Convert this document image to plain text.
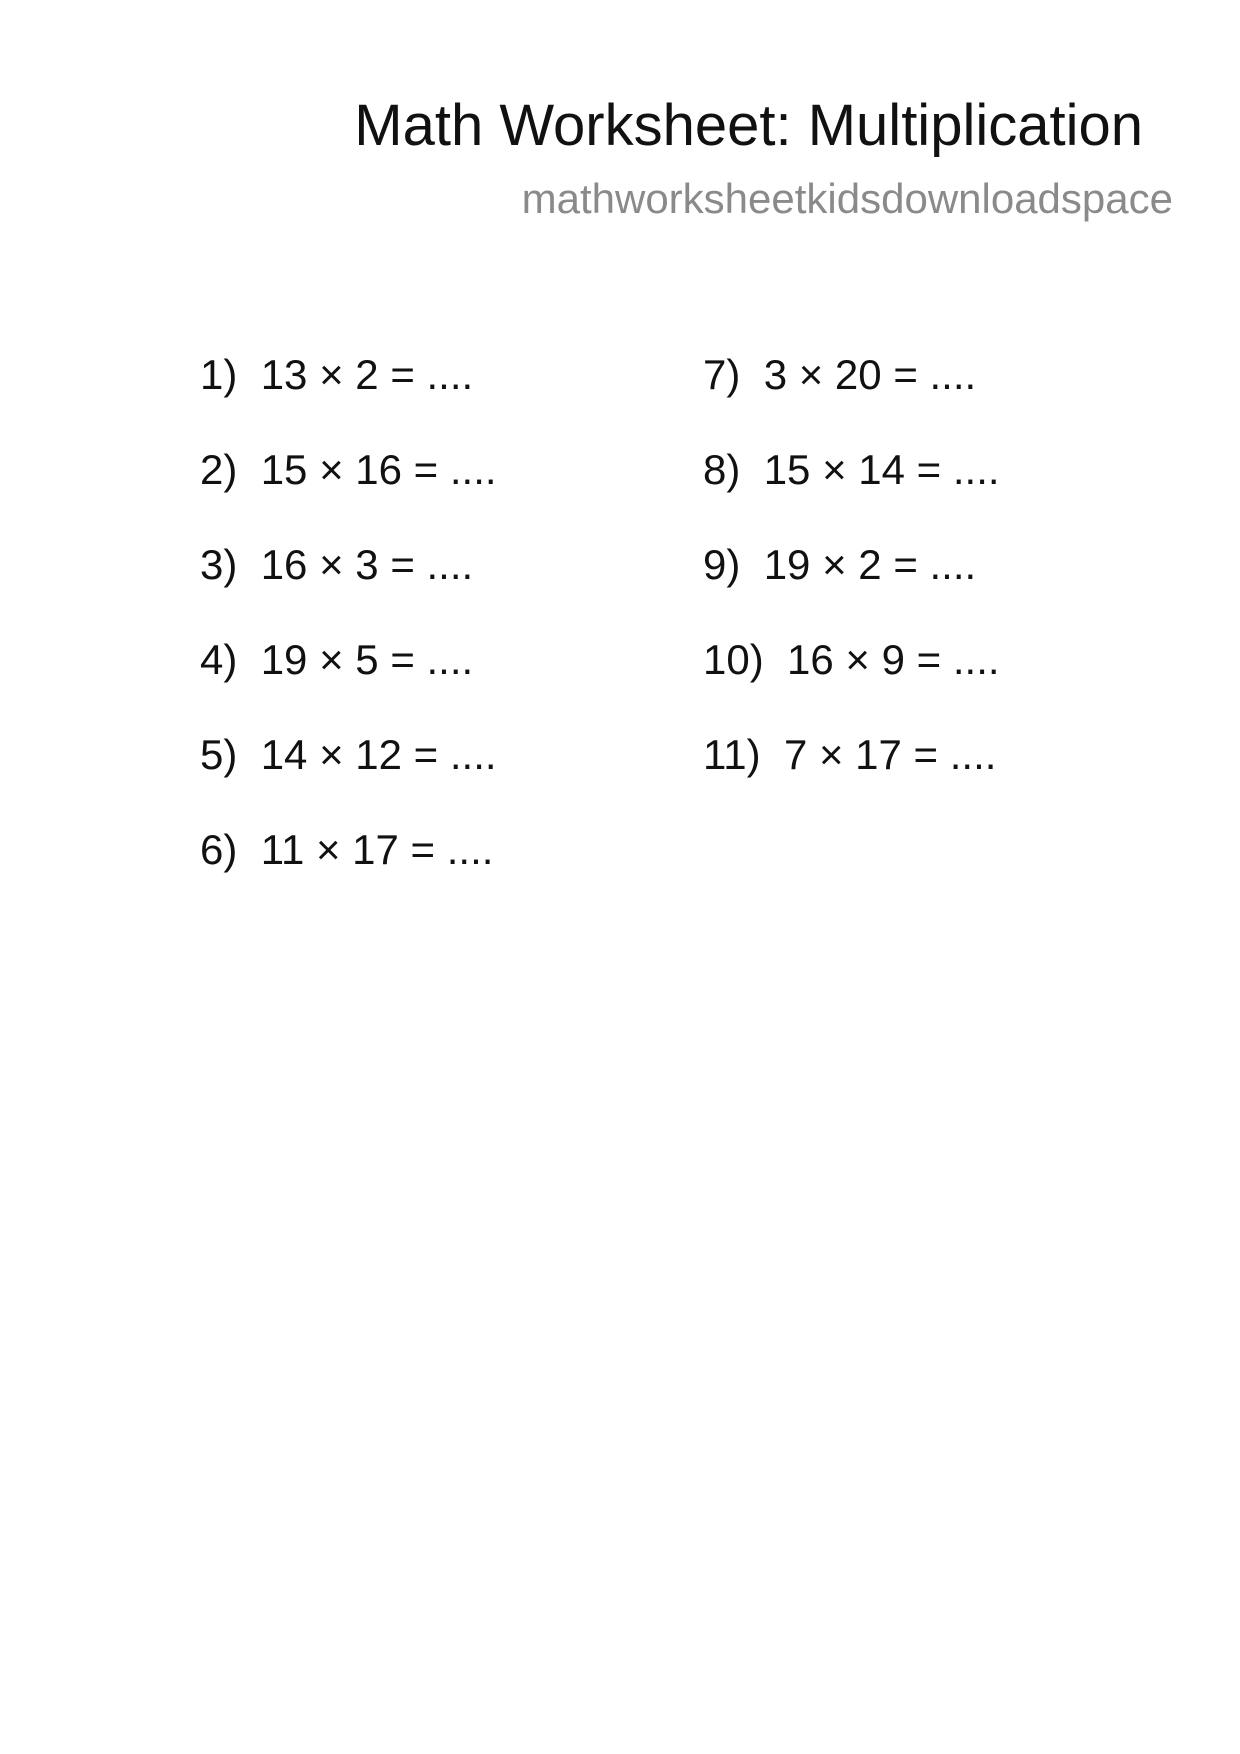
Math Worksheet: Multiplication
mathworksheetkidsdownloadspace
1) 13 × 2 = ....
2) 15 × 16 = ....
3) 16 × 3 = ....
4) 19 × 5 = ....
5) 14 × 12 = ....
6) 11 × 17 = ....
7) 3 × 20 = ....
8) 15 × 14 = ....
9) 19 × 2 = ....
10) 16 × 9 = ....
11) 7 × 17 = ....
